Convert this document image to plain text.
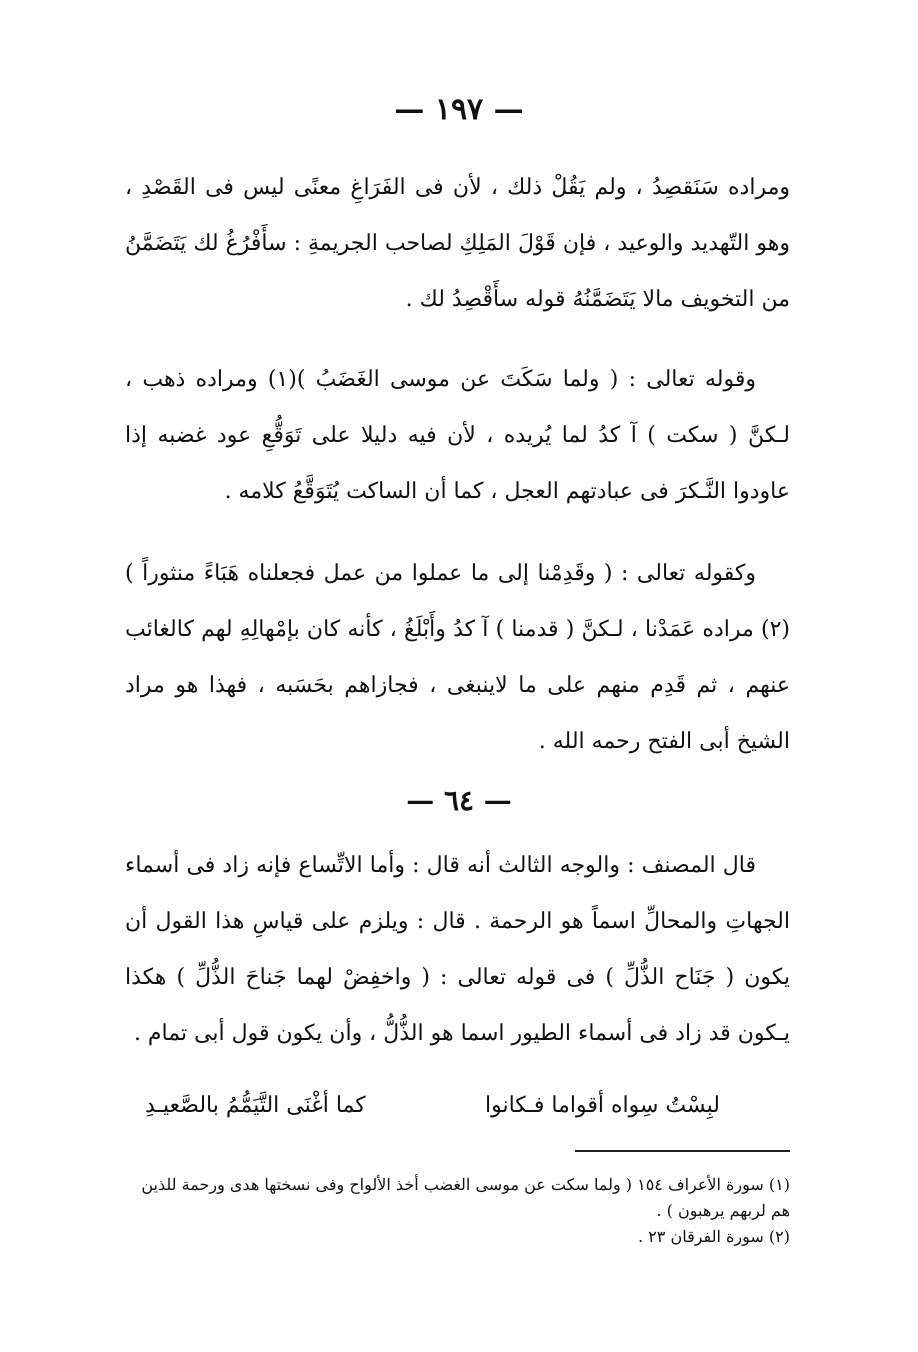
— ١٩٧ —

ومراده سَنَقصِدُ ، ولم يَقُلْ ذلك ، لأن فى الفَرَاغِ معنًى ليس فى القَصْدِ ، وهو التّهديد والوعيد ، فإن قَوْلَ المَلِكِ لصاحب الجريمةِ : سأَفْرُغُ لك يَتَضَمَّنُ من التخويف مالا يَتَضَمَّنُهُ قوله سأَقْصِدُ لك .

وقوله تعالى : ( ولما سَكَتَ عن موسى الغَضَبُ )(١) ومراده ذهب ، لـكنَّ ( سكت ) آ كدُ لما يُريده ، لأن فيه دليلا على تَوَقُّعِ عود غضبه إذا عاودوا النَّـكرَ فى عبادتهم العجل ، كما أن الساكت يُتَوَقَّعُ كلامه .

وكقوله تعالى : ( وقَدِمْنا إلى ما عملوا من عمل فجعلناه هَبَاءً منثوراً )(٢) مراده عَمَدْنا ، لـكنَّ ( قدمنا ) آ كدُ وأَبْلَغُ ، كأنه كان بإمْهالِهِ لهم كالغائب عنهم ، ثم قَدِم منهم على ما لاينبغى ، فجازاهم بحَسَبه ، فهذا هو مراد الشيخ أبى الفتح رحمه الله .

— ٦٤ —

قال المصنف : والوجه الثالث أنه قال : وأما الاتِّساع فإنه زاد فى أسماء الجهاتِ والمحالِّ اسماً هو الرحمة . قال : ويلزم على قياسِ هذا القول أن يكون ( جَنَاح الذُّلِّ ) فى قوله تعالى : ( واخفِضْ لهما جَناحَ الذُّلِّ ) هكذا يـكون قد زاد فى أسماء الطيور اسما هو الذُّلُّ ، وأن يكون قول أبى تمام .

لبِسْتُ سِواه أقواما فـكانوا
كما أغْنَى التَّيَمُّمُ بالصَّعيـدِ
(١) سورة الأعراف ١٥٤ ( ولما سكت عن موسى الغضب أخذ الألواح وفى نسختها هدى ورحمة للذين هم لربهم يرهبون ) .
(٢) سورة الفرقان ٢٣ .
